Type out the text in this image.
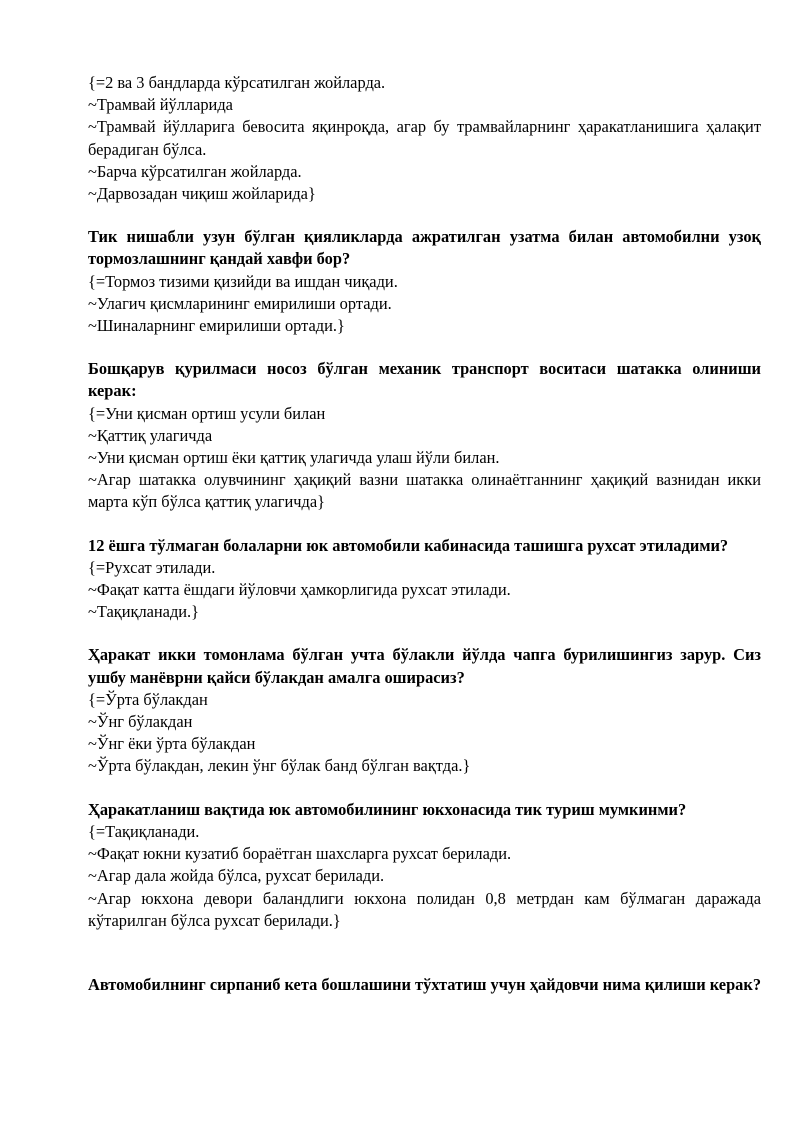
{=2 ва 3 бандларда кўрсатилган жойларда.
~Трамвай йўлларида
~Трамвай йўлларига бевосита яқинроқда, агар бу трамвайларнинг ҳаракатланишига ҳалақит берадиган бўлса.
~Барча кўрсатилган жойларда.
~Дарвозадан чиқиш жойларида}
Тик нишабли узун бўлган қияликларда ажратилган узатма билан автомобилни узоқ тормозлашнинг қандай хавфи бор?
{=Тормоз тизими қизийди ва ишдан чиқади.
~Улагич қисмларининг емирилиши ортади.
~Шиналарнинг емирилиши ортади.}
Бошқарув қурилмаси носоз бўлган механик транспорт воситаси шатакка олиниши керак:
{=Уни қисман ортиш усули билан
~Қаттиқ улагичда
~Уни қисман ортиш ёки қаттиқ улагичда улаш йўли билан.
~Агар шатакка олувчининг ҳақиқий вазни шатакка олинаётганнинг ҳақиқий вазнидан икки марта кўп бўлса қаттиқ улагичда}
12 ёшга тўлмаган болаларни юк автомобили кабинасида ташишга рухсат этиладими?
{=Рухсат этилади.
~Фақат катта ёшдаги йўловчи ҳамкорлигида рухсат этилади.
~Тақиқланади.}
Ҳаракат икки томонлама бўлган учта бўлакли йўлда чапга бурилишингиз зарур. Сиз ушбу манёврни қайси бўлакдан амалга оширасиз?
{=Ўрта бўлакдан
~Ўнг бўлакдан
~Ўнг ёки ўрта бўлакдан
~Ўрта бўлакдан, лекин ўнг бўлак банд бўлган вақтда.}
Ҳаракатланиш вақтида юк автомобилининг юкхонасида тик туриш мумкинми?
{=Тақиқланади.
~Фақат юкни кузатиб бораётган шахсларга рухсат берилади.
~Агар дала жойда бўлса, рухсат берилади.
~Агар юкхона девори баландлиги юкхона полидан 0,8 метрдан кам бўлмаган даражада кўтарилган бўлса рухсат берилади.}
Автомобилнинг сирпаниб кета бошлашини тўхтатиш учун ҳайдовчи нима қилиши керак?
